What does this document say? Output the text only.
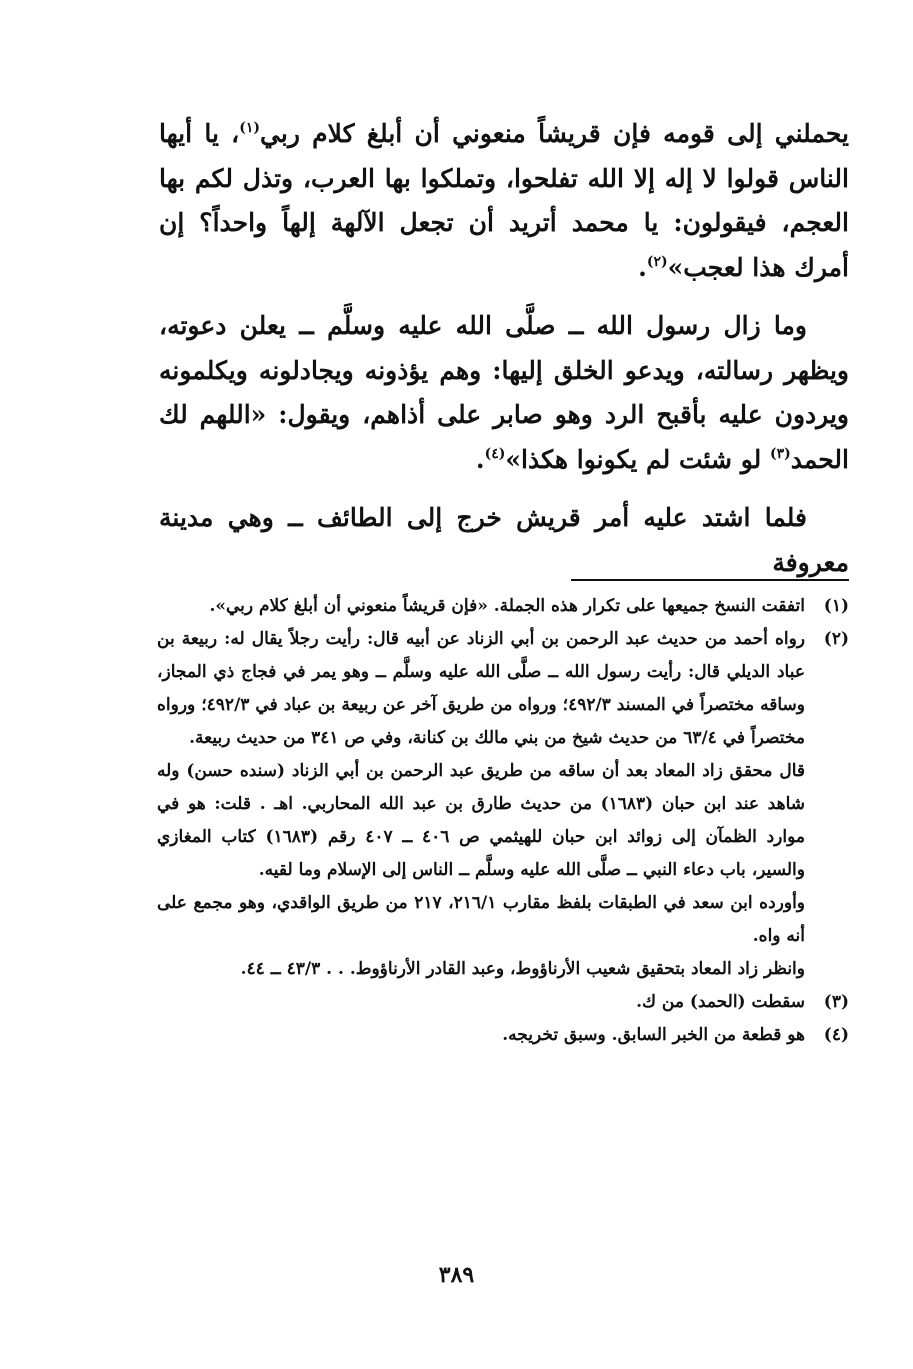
يحملني إلى قومه فإن قريشاً منعوني أن أبلغ كلام ربي$^{(١)}$، يا أيها الناس قولوا لا إله إلا الله تفلحوا، وتملكوا بها العرب، وتذل لكم بها العجم، فيقولون: يا محمد أتريد أن تجعل الآلهة إلهاً واحداً؟ إن أمرك هذا لعجب»$^{(٢)}$.

وما زال رسول الله ــ صلَّى الله عليه وسلَّم ــ يعلن دعوته، ويظهر رسالته، ويدعو الخلق إليها: وهم يؤذونه ويجادلونه ويكلمونه ويردون عليه بأقبح الرد وهو صابر على أذاهم، ويقول: «اللهم لك الحمد$^{(٣)}$ لو شئت لم يكونوا هكذا»$^{(٤)}$.

فلما اشتد عليه أمر قريش خرج إلى الطائف ــ وهي مدينة معروفة

(١)

اتفقت النسخ جميعها على تكرار هذه الجملة. «فإن قريشاً منعوني أن أبلغ كلام ربي».

(٢)

رواه أحمد من حديث عبد الرحمن بن أبي الزناد عن أبيه قال: رأيت رجلاً يقال له: ربيعة بن عباد الديلي قال: رأيت رسول الله ــ صلَّى الله عليه وسلَّم ــ وهو يمر في فجاج ذي المجاز، وساقه مختصراً في المسند ٤٩٢/٣؛ ورواه من طريق آخر عن ربيعة بن عباد في ٤٩٢/٣؛ ورواه مختصراً في ٦٣/٤ من حديث شيخ من بني مالك بن كنانة، وفي ص ٣٤١ من حديث ربيعة.

قال محقق زاد المعاد بعد أن ساقه من طريق عبد الرحمن بن أبي الزناد (سنده حسن) وله شاهد عند ابن حبان (١٦٨٣) من حديث طارق بن عبد الله المحاربي. اهـ . قلت: هو في موارد الظمآن إلى زوائد ابن حبان للهيثمي ص ٤٠٦ ــ ٤٠٧ رقم (١٦٨٣) كتاب المغازي والسير، باب دعاء النبي ــ صلَّى الله عليه وسلَّم ــ الناس إلى الإسلام وما لقيه.

وأورده ابن سعد في الطبقات بلفظ مقارب ٢١٦/١، ٢١٧ من طريق الواقدي، وهو مجمع على أنه واه.

وانظر زاد المعاد بتحقيق شعيب الأرناؤوط، وعبد القادر الأرناؤوط. . . ٤٣/٣ ــ ٤٤.

(٣)

سقطت (الحمد) من ك.

(٤)

هو قطعة من الخبر السابق. وسبق تخريجه.

٣٨٩
